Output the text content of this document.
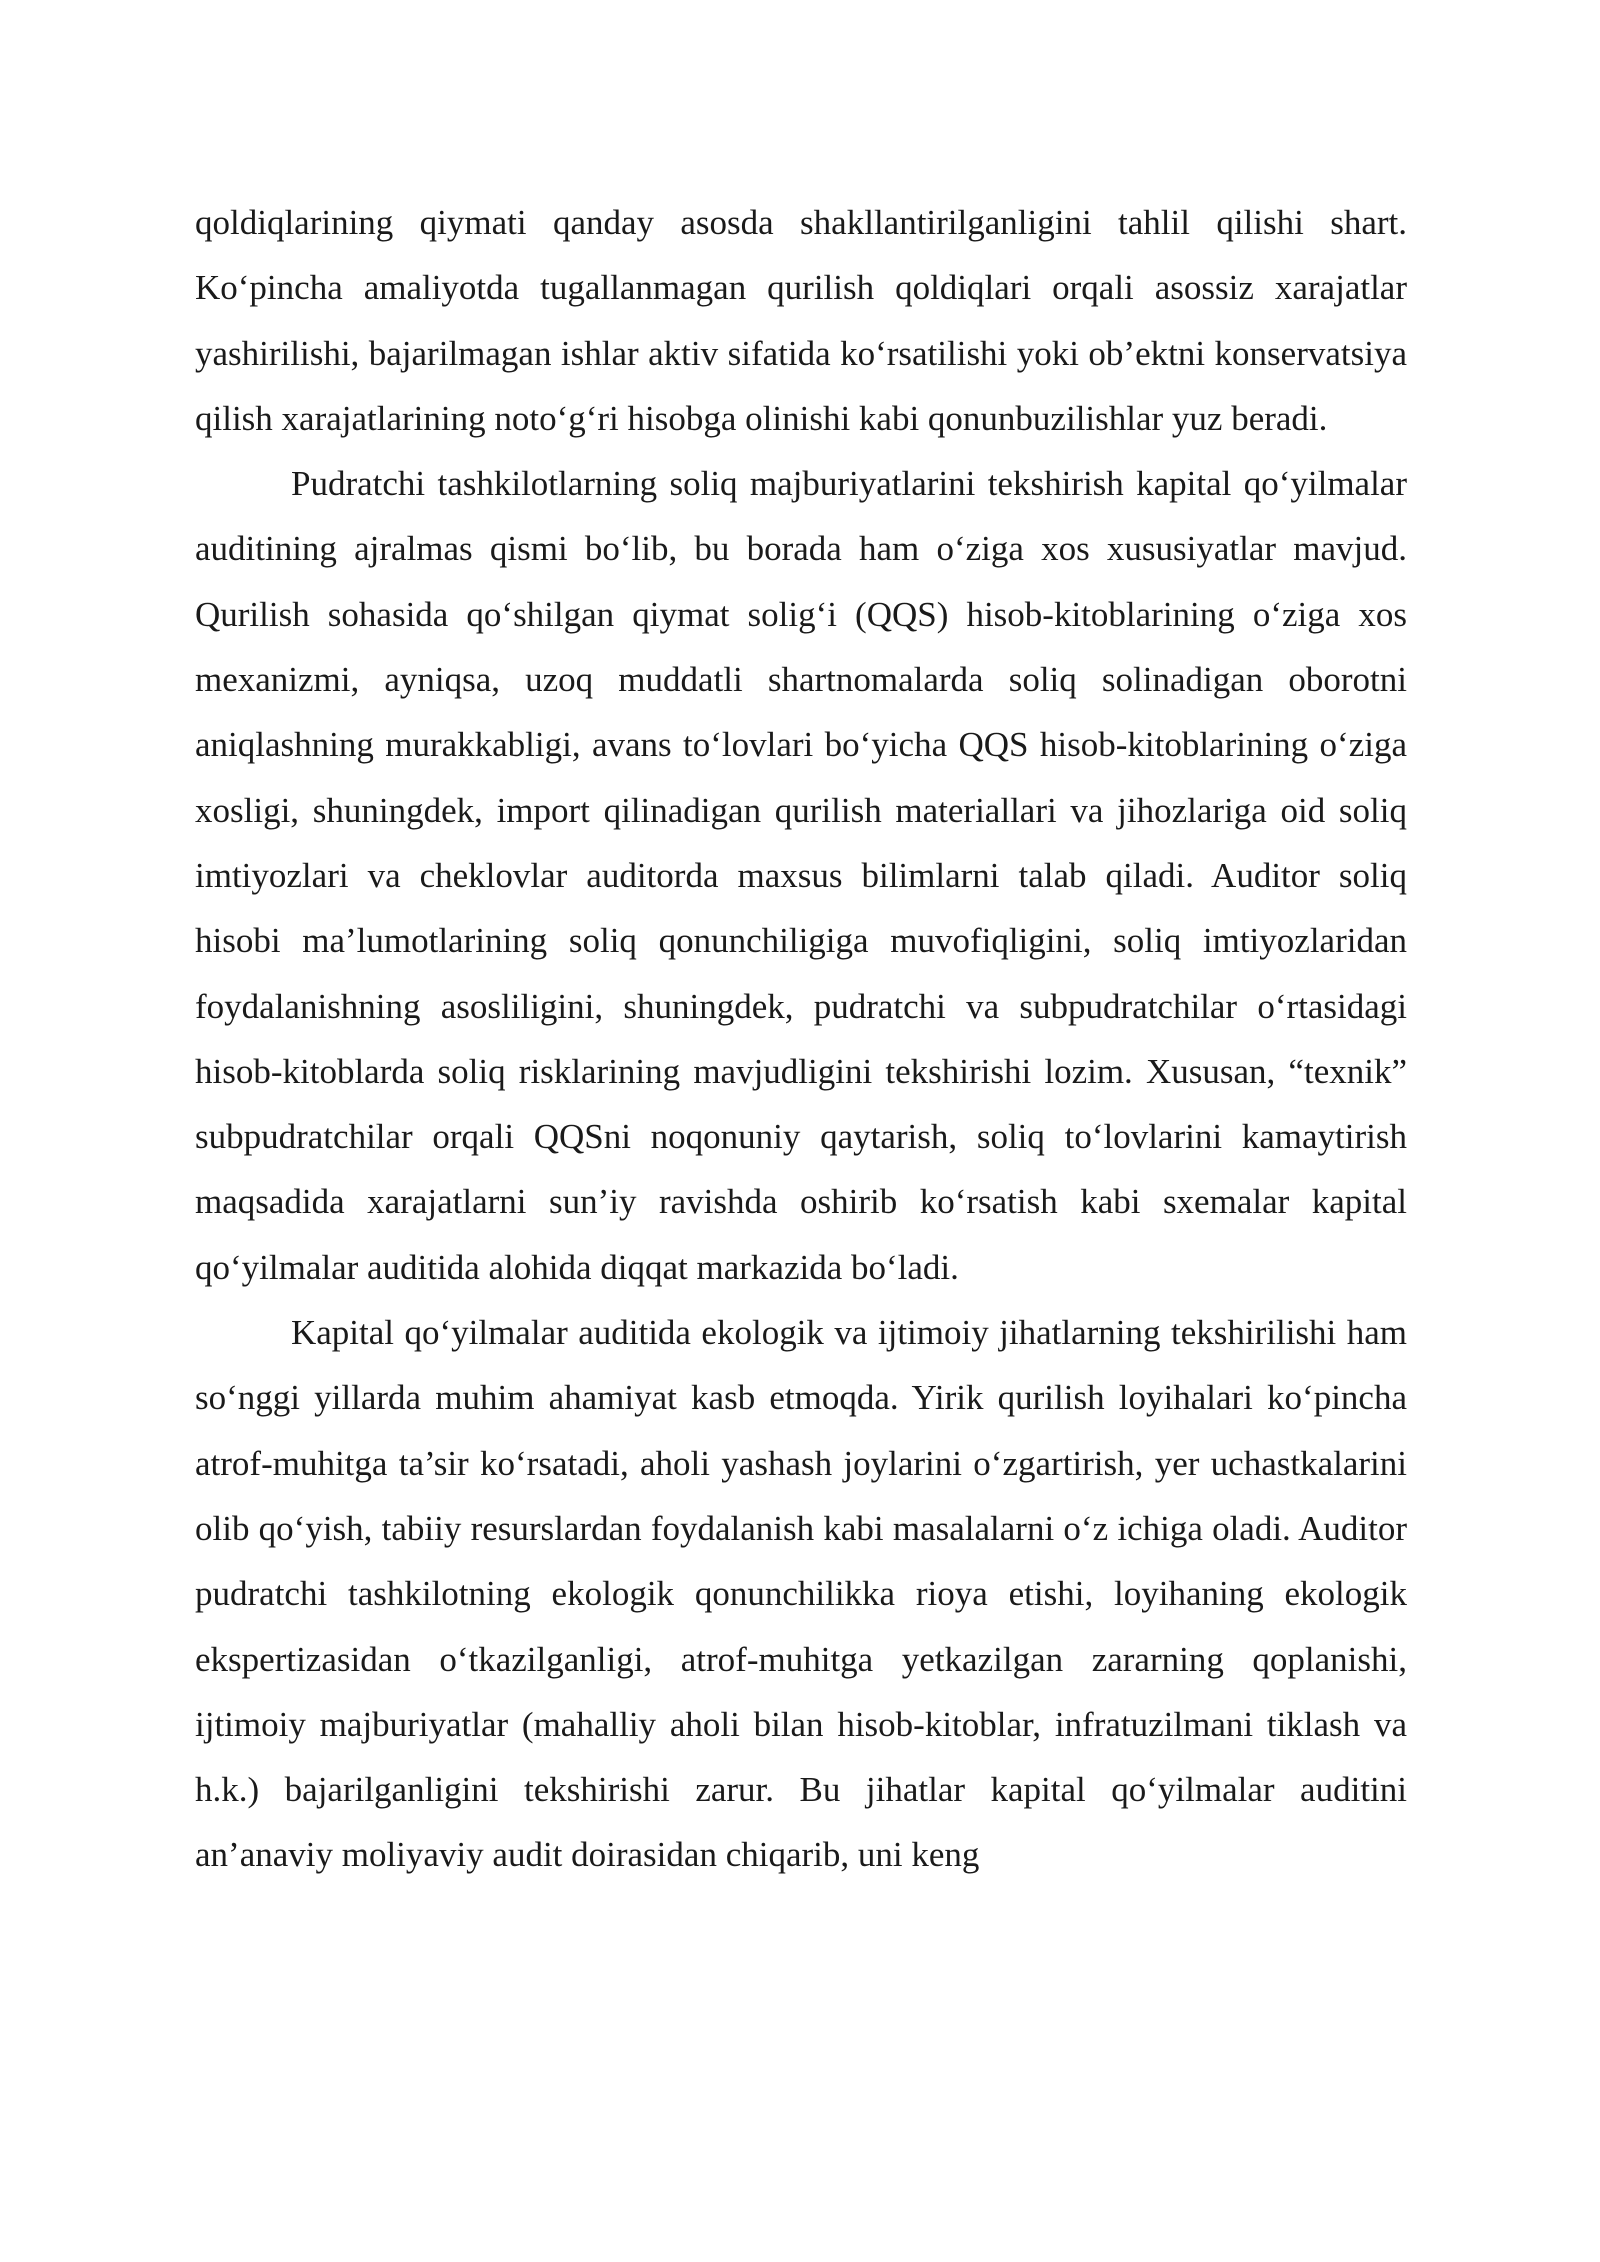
qoldiqlarining qiymati qanday asosda shakllantirilganligini tahlil qilishi shart. Ko‘pincha amaliyotda tugallanmagan qurilish qoldiqlari orqali asossiz xarajatlar yashirilishi, bajarilmagan ishlar aktiv sifatida ko‘rsatilishi yoki ob’ektni konservatsiya qilish xarajatlarining noto‘g‘ri hisobga olinishi kabi qonunbuzilishlar yuz beradi.

Pudratchi tashkilotlarning soliq majburiyatlarini tekshirish kapital qo‘yilmalar auditining ajralmas qismi bo‘lib, bu borada ham o‘ziga xos xususiyatlar mavjud. Qurilish sohasida qo‘shilgan qiymat solig‘i (QQS) hisob-kitoblarining o‘ziga xos mexanizmi, ayniqsa, uzoq muddatli shartnomalarda soliq solinadigan oborotni aniqlashning murakkabligi, avans to‘lovlari bo‘yicha QQS hisob-kitoblarining o‘ziga xosligi, shuningdek, import qilinadigan qurilish materiallari va jihozlariga oid soliq imtiyozlari va cheklovlar auditorda maxsus bilimlarni talab qiladi. Auditor soliq hisobi ma’lumotlarining soliq qonunchiligiga muvofiqligini, soliq imtiyozlaridan foydalanishning asosliligini, shuningdek, pudratchi va subpudratchilar o‘rtasidagi hisob-kitoblarda soliq risklarining mavjudligini tekshirishi lozim. Xususan, “texnik” subpudratchilar orqali QQSni noqonuniy qaytarish, soliq to‘lovlarini kamaytirish maqsadida xarajatlarni sun’iy ravishda oshirib ko‘rsatish kabi sxemalar kapital qo‘yilmalar auditida alohida diqqat markazida bo‘ladi.

Kapital qo‘yilmalar auditida ekologik va ijtimoiy jihatlarning tekshirilishi ham so‘nggi yillarda muhim ahamiyat kasb etmoqda. Yirik qurilish loyihalari ko‘pincha atrof-muhitga ta’sir ko‘rsatadi, aholi yashash joylarini o‘zgartirish, yer uchastkalarini olib qo‘yish, tabiiy resurslardan foydalanish kabi masalalarni o‘z ichiga oladi. Auditor pudratchi tashkilotning ekologik qonunchilikka rioya etishi, loyihaning ekologik ekspertizasidan o‘tkazilganligi, atrof-muhitga yetkazilgan zararning qoplanishi, ijtimoiy majburiyatlar (mahalliy aholi bilan hisob-kitoblar, infratuzilmani tiklash va h.k.) bajarilganligini tekshirishi zarur. Bu jihatlar kapital qo‘yilmalar auditini an’anaviy moliyaviy audit doirasidan chiqarib, uni keng
